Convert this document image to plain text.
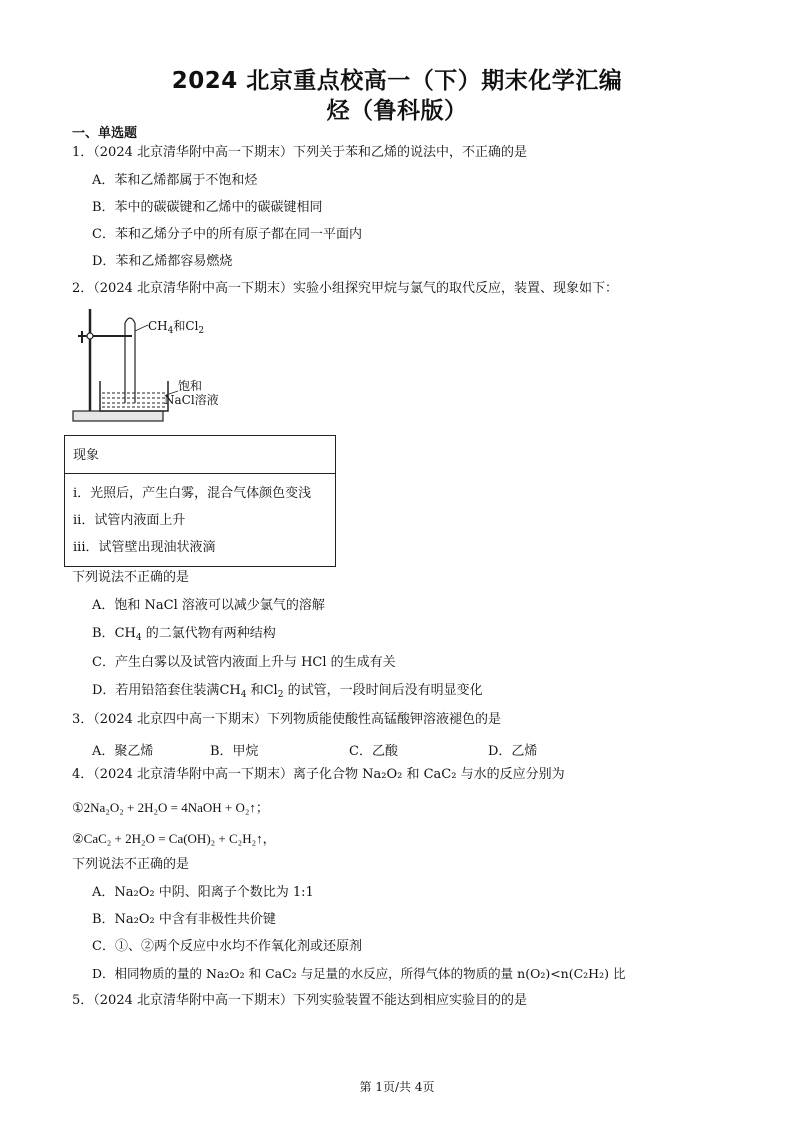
2024 北京重点校高一（下）期末化学汇编
烃（鲁科版）
一、单选题
1．（2024 北京清华附中高一下期末）下列关于苯和乙烯的说法中，不正确的是
A．苯和乙烯都属于不饱和烃
B．苯中的碳碳键和乙烯中的碳碳键相同
C．苯和乙烯分子中的所有原子都在同一平面内
D．苯和乙烯都容易燃烧
2．（2024 北京清华附中高一下期末）实验小组探究甲烷与氯气的取代反应，装置、现象如下：
$CH_4$和$Cl_2$
饱和
NaCl溶液
现象
i．光照后，产生白雾，混合气体颜色变浅
ii．试管内液面上升
iii．试管壁出现油状液滴
下列说法不正确的是
A．饱和 NaCl 溶液可以减少氯气的溶解
B．$CH_4$ 的二氯代物有两种结构
C．产生白雾以及试管内液面上升与 HCl 的生成有关
D．若用铅箔套住装满$CH_4$ 和$Cl_2$ 的试管，一段时间后没有明显变化
3．（2024 北京四中高一下期末）下列物质能使酸性高锰酸钾溶液褪色的是
A．聚乙烯	B．甲烷	C．乙酸	D．乙烯
4．（2024 北京清华附中高一下期末）离子化合物 Na₂O₂ 和 CaC₂ 与水的反应分别为
①2Na₂O₂ + 2H₂O = 4NaOH + O₂↑；
②CaC₂ + 2H₂O = Ca(OH)₂ + C₂H₂↑，
下列说法不正确的是
A．Na₂O₂ 中阴、阳离子个数比为 1:1
B．Na₂O₂ 中含有非极性共价键
C．①、②两个反应中水均不作氧化剂或还原剂
D．相同物质的量的 Na₂O₂ 和 CaC₂ 与足量的水反应，所得气体的物质的量 n(O₂)<n(C₂H₂) 比
5．（2024 北京清华附中高一下期末）下列实验装置不能达到相应实验目的的是
第 1页/共 4页
